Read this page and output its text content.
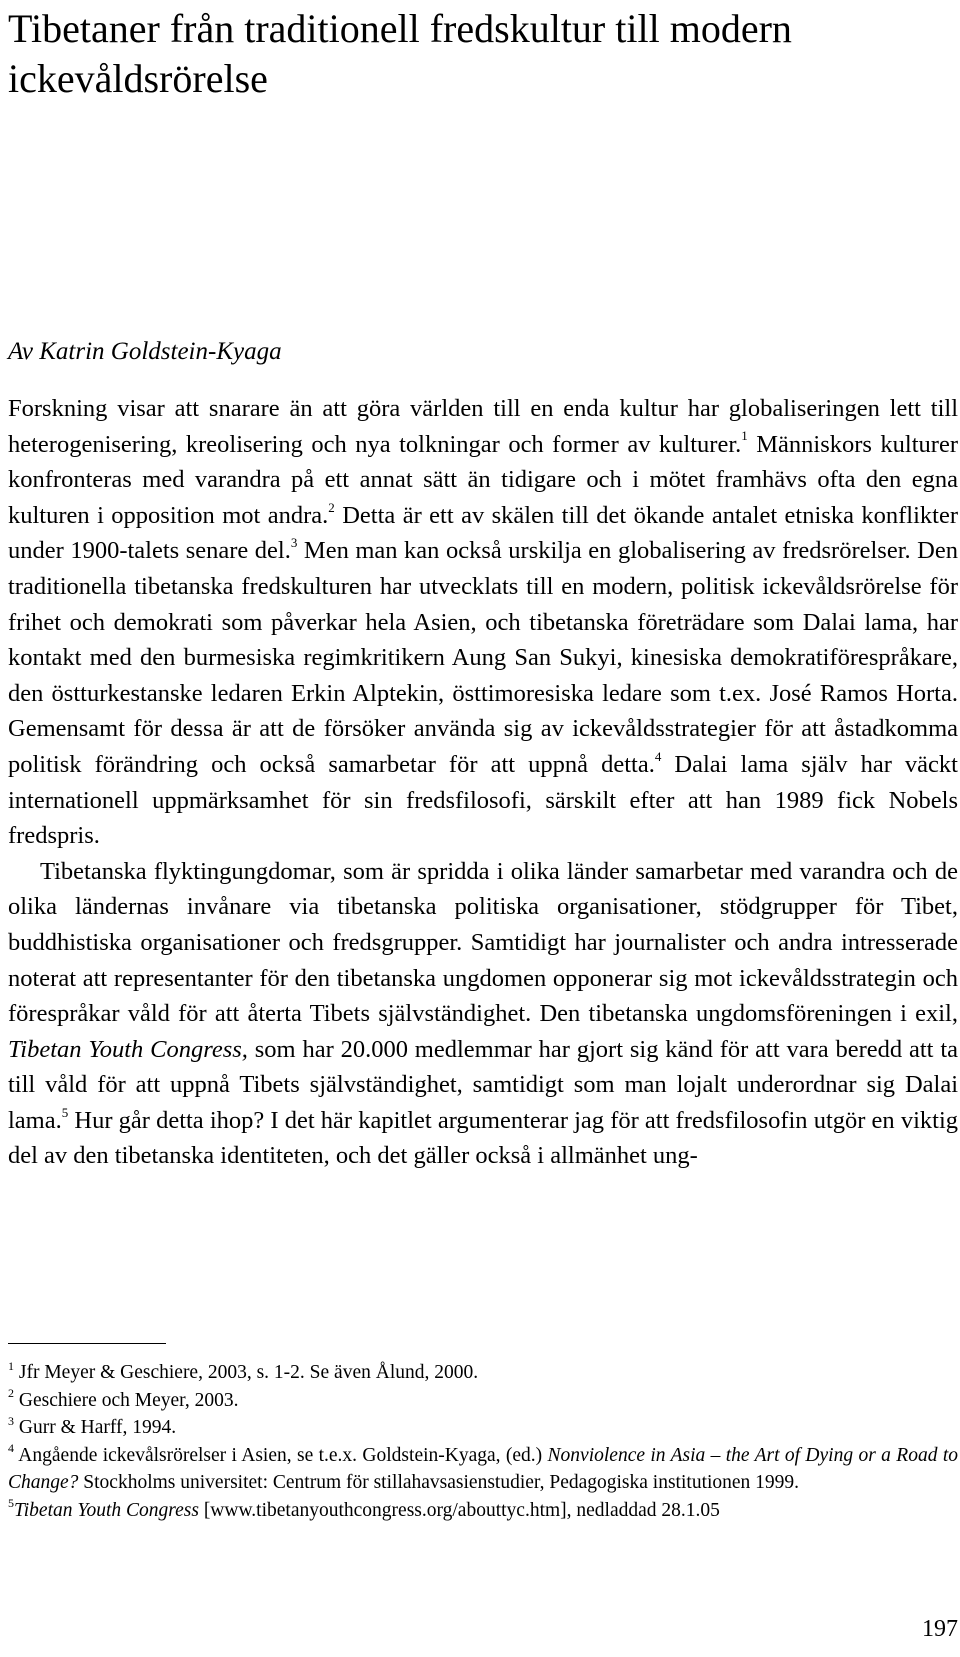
Tibetaner från traditionell fredskultur till modern ickevåldsrörelse

Av Katrin Goldstein-Kyaga

Forskning visar att snarare än att göra världen till en enda kultur har globaliseringen lett till heterogenisering, kreolisering och nya tolkningar och former av kulturer.$^1$ Människors kulturer konfronteras med varandra på ett annat sätt än tidigare och i mötet framhävs ofta den egna kulturen i opposition mot andra.$^2$ Detta är ett av skälen till det ökande antalet etniska konflikter under 1900-talets senare del.$^3$ Men man kan också urskilja en globalisering av fredsrörelser. Den traditionella tibetanska fredskulturen har utvecklats till en modern, politisk ickevåldsrörelse för frihet och demokrati som påverkar hela Asien, och tibetanska företrädare som Dalai lama, har kontakt med den burmesiska regimkritikern Aung San Sukyi, kinesiska demokratiförespråkare, den östturkestanske ledaren Erkin Alptekin, östtimoresiska ledare som t.ex. José Ramos Horta. Gemensamt för dessa är att de försöker använda sig av ickevåldsstrategier för att åstadkomma politisk förändring och också samarbetar för att uppnå detta.$^4$ Dalai lama själv har väckt internationell uppmärksamhet för sin fredsfilosofi, särskilt efter att han 1989 fick Nobels fredspris.

Tibetanska flyktingungdomar, som är spridda i olika länder samarbetar med varandra och de olika ländernas invånare via tibetanska politiska organisationer, stödgrupper för Tibet, buddhistiska organisationer och fredsgrupper. Samtidigt har journalister och andra intresserade noterat att representanter för den tibetanska ungdomen opponerar sig mot ickevåldsstrategin och förespråkar våld för att återta Tibets självständighet. Den tibetanska ungdomsföreningen i exil, Tibetan Youth Congress, som har 20.000 medlemmar har gjort sig känd för att vara beredd att ta till våld för att uppnå Tibets självständighet, samtidigt som man lojalt underordnar sig Dalai lama.$^5$ Hur går detta ihop? I det här kapitlet argumenterar jag för att fredsfilosofin utgör en viktig del av den tibetanska identiteten, och det gäller också i allmänhet ung-

$^1$ Jfr Meyer & Geschiere, 2003, s. 1-2. Se även Ålund, 2000.

$^2$ Geschiere och Meyer, 2003.

$^3$ Gurr & Harff, 1994.

$^4$ Angående ickevålsrörelser i Asien, se t.e.x. Goldstein-Kyaga, (ed.) Nonviolence in Asia – the Art of Dying or a Road to Change? Stockholms universitet: Centrum för stillahavsasienstudier, Pedagogiska institutionen 1999.

$^5$Tibetan Youth Congress [www.tibetanyouthcongress.org/abouttyc.htm], nedladdad 28.1.05

197
